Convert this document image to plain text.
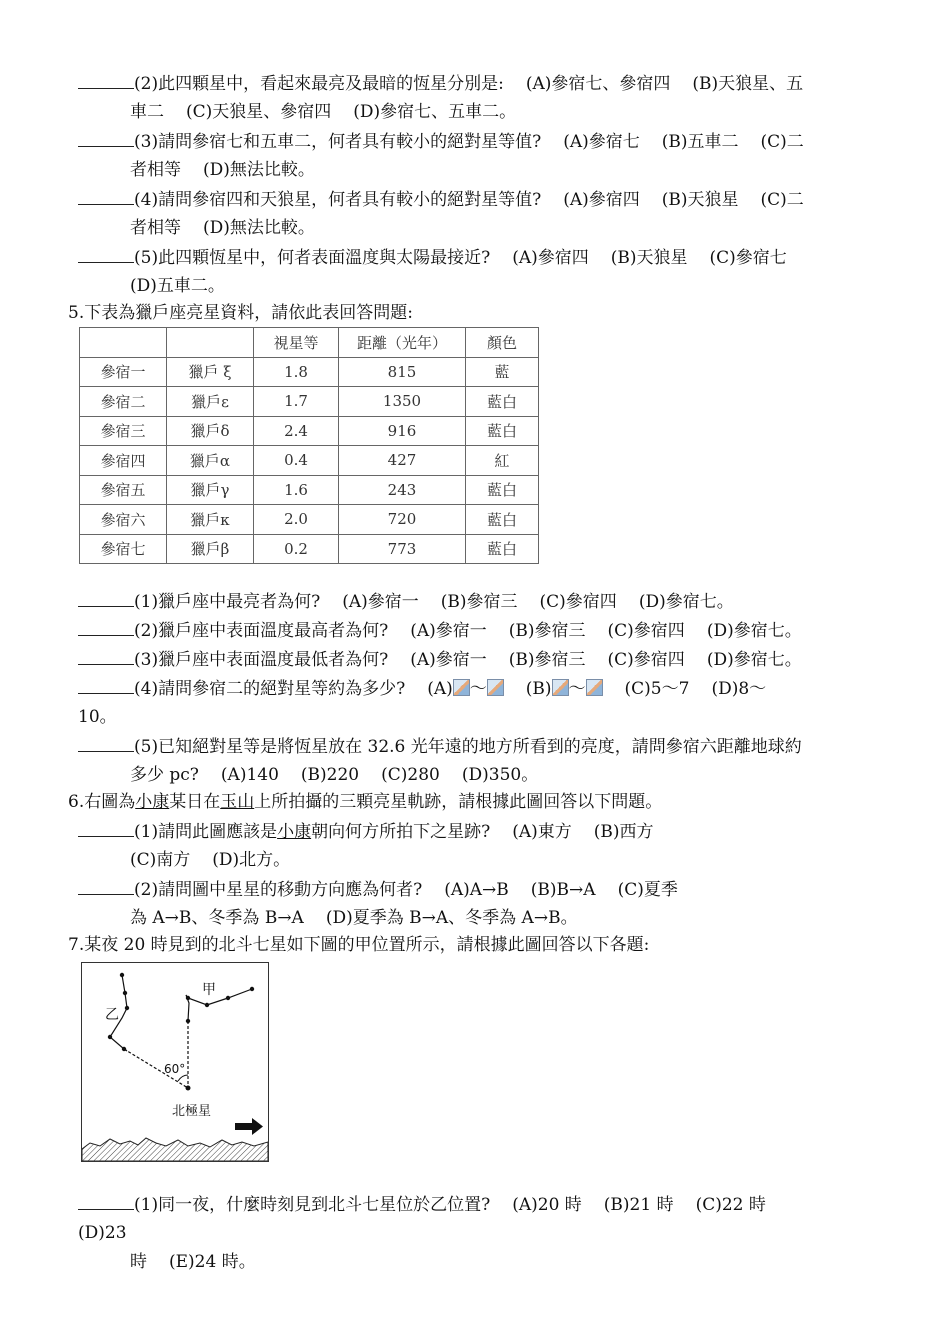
(2)此四顆星中，看起來最亮及最暗的恆星分別是: (A)參宿七、參宿四 (B)天狼星、五
車二 (C)天狼星、參宿四 (D)參宿七、五車二。
(3)請問參宿七和五車二，何者具有較小的絕對星等值? (A)參宿七 (B)五車二 (C)二
者相等 (D)無法比較。
(4)請問參宿四和天狼星，何者具有較小的絕對星等值? (A)參宿四 (B)天狼星 (C)二
者相等 (D)無法比較。
(5)此四顆恆星中，何者表面溫度與太陽最接近? (A)參宿四 (B)天狼星 (C)參宿七
(D)五車二。
5.下表為獵戶座亮星資料，請依此表回答問題:
		視星等	距離（光年）	顏色
參宿一	獵戶 ξ	1.8	815	藍
參宿二	獵戶ε	1.7	1350	藍白
參宿三	獵戶δ	2.4	916	藍白
參宿四	獵戶α	0.4	427	紅
參宿五	獵戶γ	1.6	243	藍白
參宿六	獵戶κ	2.0	720	藍白
參宿七	獵戶β	0.2	773	藍白
(1)獵戶座中最亮者為何? (A)參宿一 (B)參宿三 (C)參宿四 (D)參宿七。
(2)獵戶座中表面溫度最高者為何? (A)參宿一 (B)參宿三 (C)參宿四 (D)參宿七。
(3)獵戶座中表面溫度最低者為何? (A)參宿一 (B)參宿三 (C)參宿四 (D)參宿七。
(4)請問參宿二的絕對星等約為多少? (A) ～ (B) ～ (C)5～7 (D)8～
10。
(5)已知絕對星等是將恆星放在 32.6 光年遠的地方所看到的亮度，請問參宿六距離地球約
多少 pc? (A)140 (B)220 (C)280 (D)350。
6.右圖為小康某日在玉山上所拍攝的三顆亮星軌跡，請根據此圖回答以下問題。
(1)請問此圖應該是小康朝向何方所拍下之星跡? (A)東方 (B)西方
(C)南方 (D)北方。
(2)請問圖中星星的移動方向應為何者? (A)A→B (B)B→A (C)夏季
為 A→B、冬季為 B→A (D)夏季為 B→A、冬季為 A→B。
7.某夜 20 時見到的北斗七星如下圖的甲位置所示，請根據此圖回答以下各題:
甲
乙
60°
北極星
(1)同一夜，什麼時刻見到北斗七星位於乙位置? (A)20 時 (B)21 時 (C)22 時
(D)23
時 (E)24 時。
